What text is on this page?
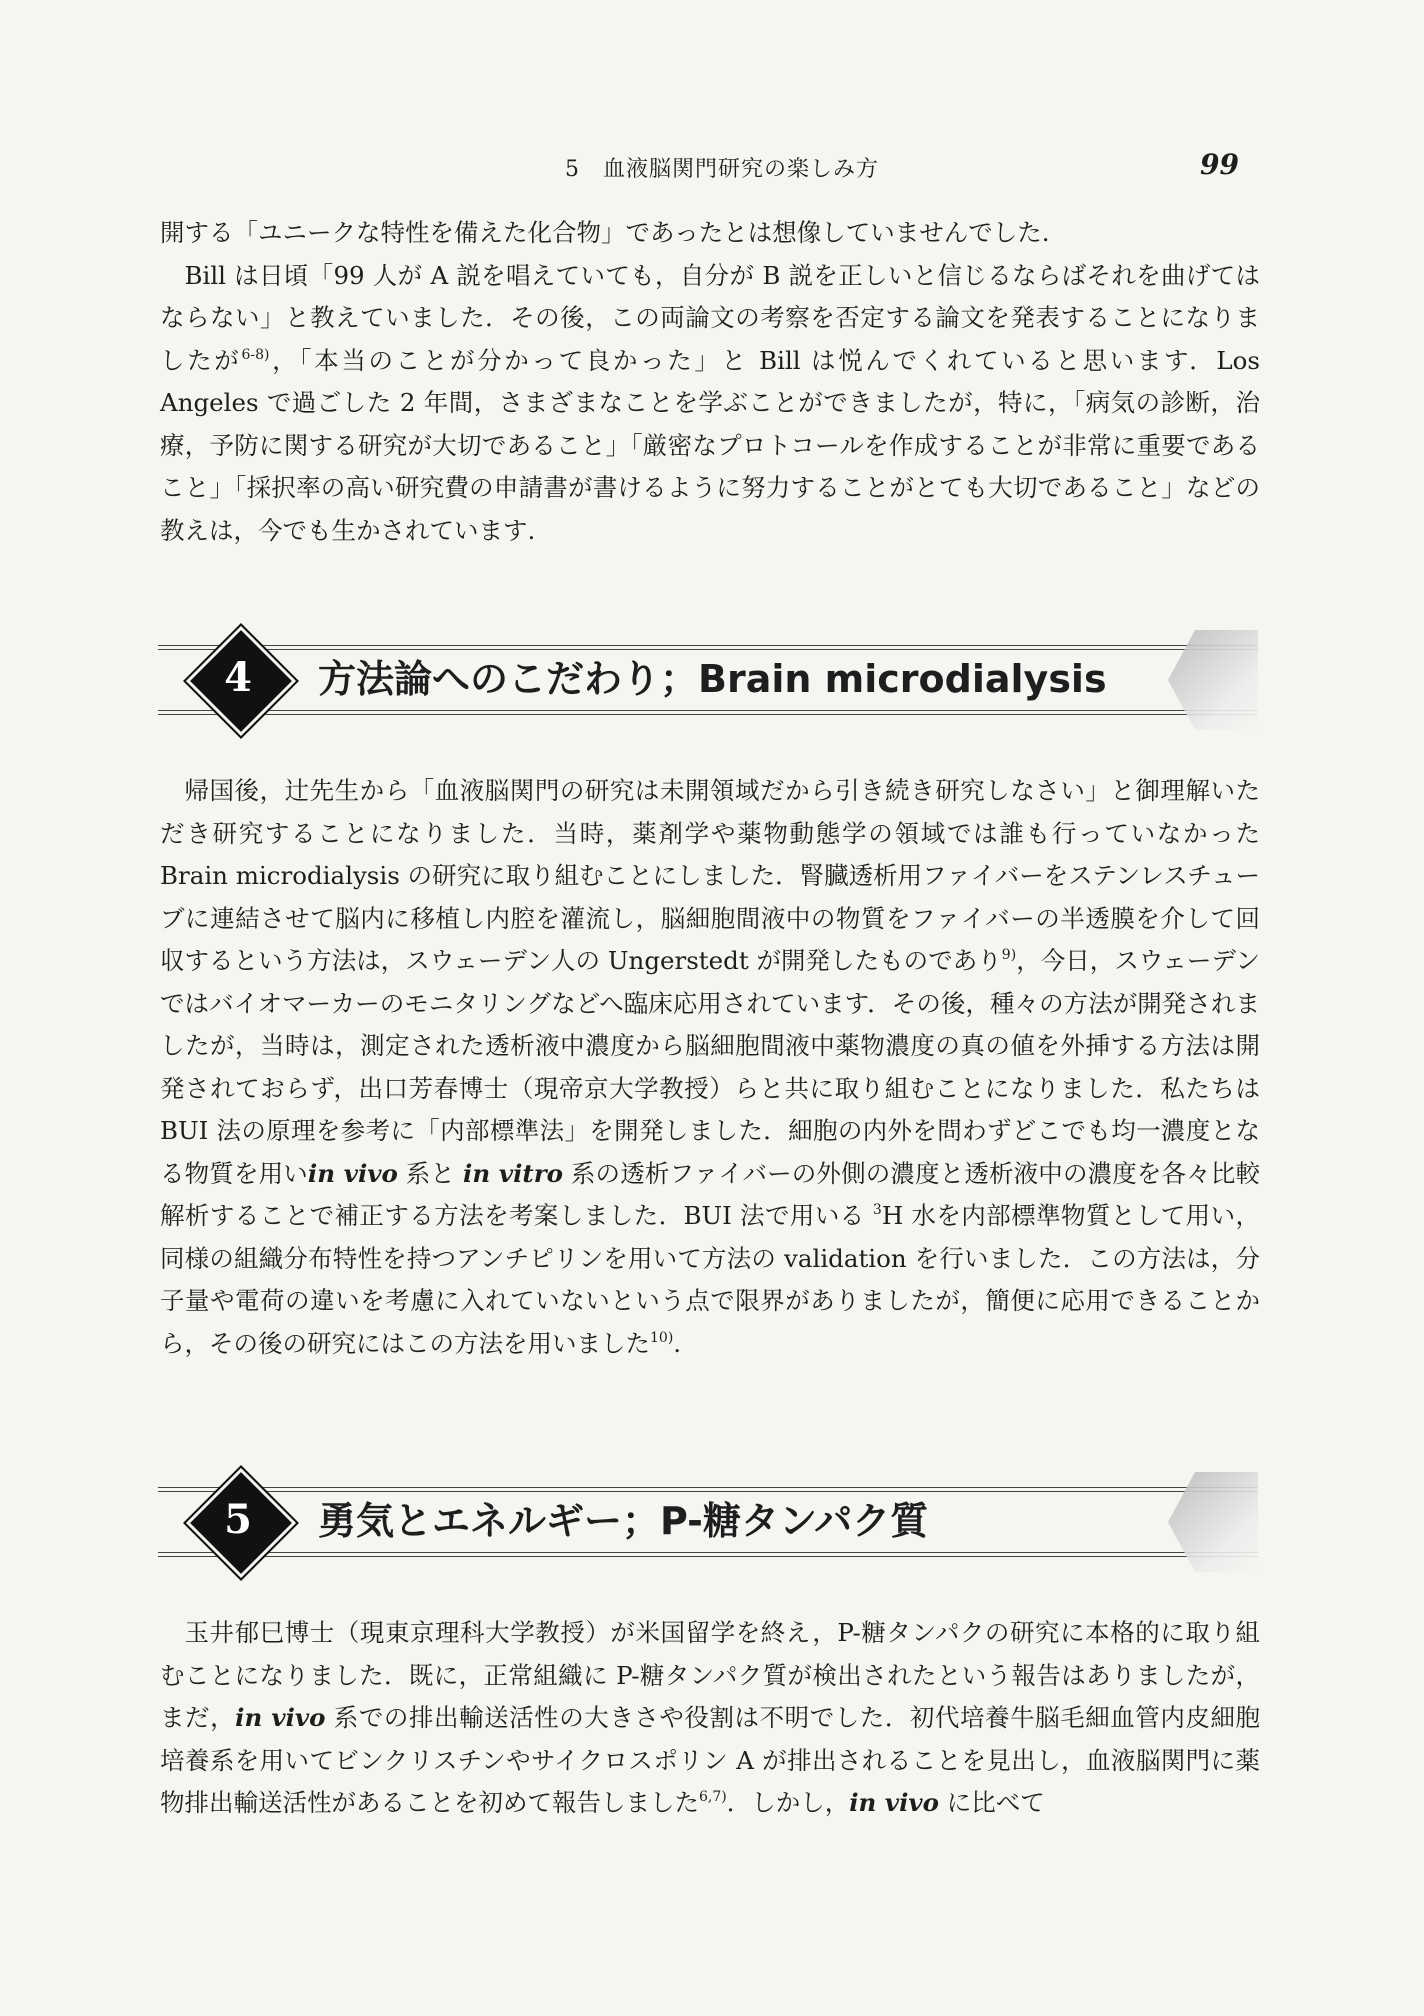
5　血液脳関門研究の楽しみ方	99

開する「ユニークな特性を備えた化合物」であったとは想像していませんでした.

Bill は日頃「99 人が A 説を唱えていても，自分が B 説を正しいと信じるならばそれを曲げてはならない」と教えていました．その後，この両論文の考察を否定する論文を発表することになりましたが$^{6-8)}$，「本当のことが分かって良かった」と Bill は悦んでくれていると思います．Los Angeles で過ごした 2 年間，さまざまなことを学ぶことができましたが，特に，「病気の診断，治療，予防に関する研究が大切であること」「厳密なプロトコールを作成することが非常に重要であること」「採択率の高い研究費の申請書が書けるように努力することがとても大切であること」などの教えは，今でも生かされています.

4	方法論へのこだわり；Brain microdialysis

帰国後，辻先生から「血液脳関門の研究は未開領域だから引き続き研究しなさい」と御理解いただき研究することになりました．当時，薬剤学や薬物動態学の領域では誰も行っていなかった Brain microdialysis の研究に取り組むことにしました．腎臓透析用ファイバーをステンレスチューブに連結させて脳内に移植し内腔を灌流し，脳細胞間液中の物質をファイバーの半透膜を介して回収するという方法は，スウェーデン人の Ungerstedt が開発したものであり$^{9)}$，今日，スウェーデンではバイオマーカーのモニタリングなどへ臨床応用されています．その後，種々の方法が開発されましたが，当時は，測定された透析液中濃度から脳細胞間液中薬物濃度の真の値を外挿する方法は開発されておらず，出口芳春博士（現帝京大学教授）らと共に取り組むことになりました．私たちは BUI 法の原理を参考に「内部標準法」を開発しました．細胞の内外を問わずどこでも均一濃度となる物質を用いin vivo 系と in vitro 系の透析ファイバーの外側の濃度と透析液中の濃度を各々比較解析することで補正する方法を考案しました．BUI 法で用いる $^3$H 水を内部標準物質として用い，同様の組織分布特性を持つアンチピリンを用いて方法の validation を行いました．この方法は，分子量や電荷の違いを考慮に入れていないという点で限界がありましたが，簡便に応用できることから，その後の研究にはこの方法を用いました$^{10)}$.

5	勇気とエネルギー；P-糖タンパク質

玉井郁巳博士（現東京理科大学教授）が米国留学を終え，P-糖タンパクの研究に本格的に取り組むことになりました．既に，正常組織に P-糖タンパク質が検出されたという報告はありましたが，まだ，in vivo 系での排出輸送活性の大きさや役割は不明でした．初代培養牛脳毛細血管内皮細胞培養系を用いてビンクリスチンやサイクロスポリン A が排出されることを見出し，血液脳関門に薬物排出輸送活性があることを初めて報告しました$^{6,7)}$．しかし，in vivo に比べて
